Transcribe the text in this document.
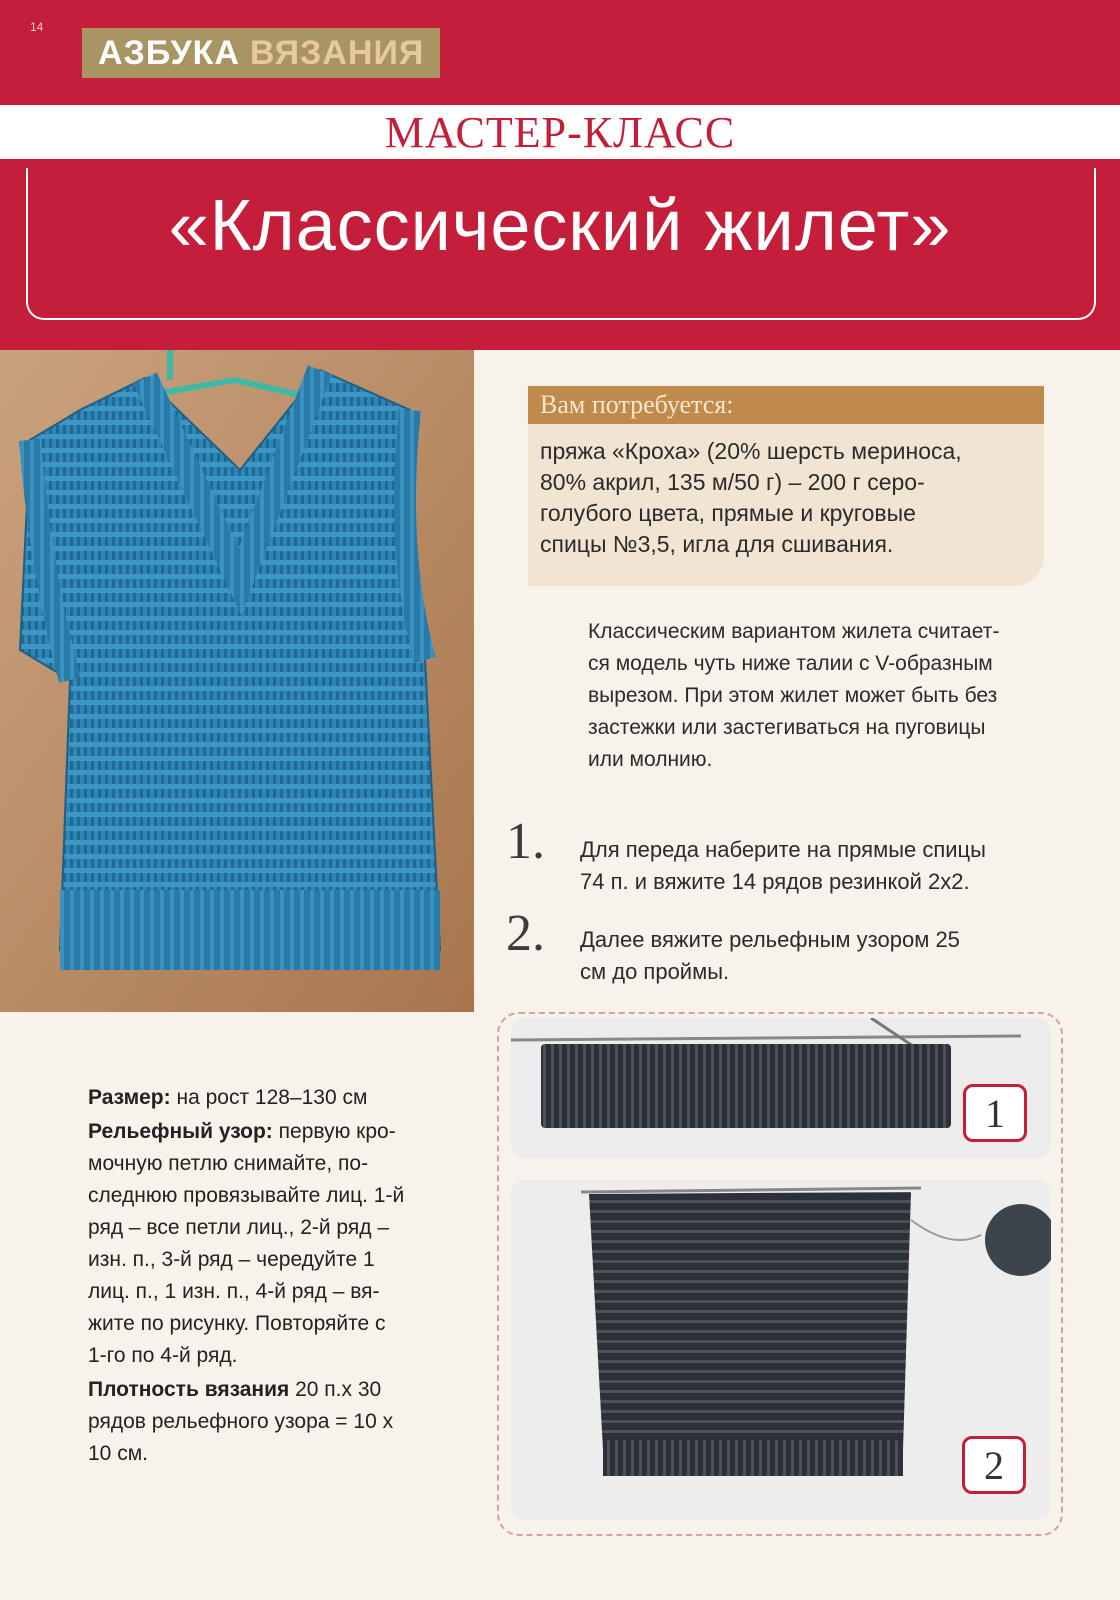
14
АЗБУКА ВЯЗАНИЯ
МАСТЕР-КЛАСС
«Классический жилет»
Вам потребуется:
пряжа «Кроха» (20% шерсть мериноса,
80% акрил, 135 м/50 г) – 200 г серо-
голубого цвета, прямые и круговые
спицы №3,5, игла для сшивания.
Классическим вариантом жилета считает-
ся модель чуть ниже талии с V-образным
вырезом. При этом жилет может быть без
застежки или застегиваться на пуговицы
или молнию.
1. Для переда наберите на прямые спицы
74 п. и вяжите 14 рядов резинкой 2х2.
2. Далее вяжите рельефным узором 25
см до проймы.

Размер: на рост 128–130 см

Рельефный узор: первую кро-
мочную петлю снимайте, по-
следнюю провязывайте лиц. 1-й
ряд – все петли лиц., 2-й ряд –
изн. п., 3-й ряд – чередуйте 1
лиц. п., 1 изн. п., 4-й ряд – вя-
жите по рисунку. Повторяйте с
1-го по 4-й ряд.

Плотность вязания 20 п.х 30
рядов рельефного узора = 10 х
10 см.

1
2
